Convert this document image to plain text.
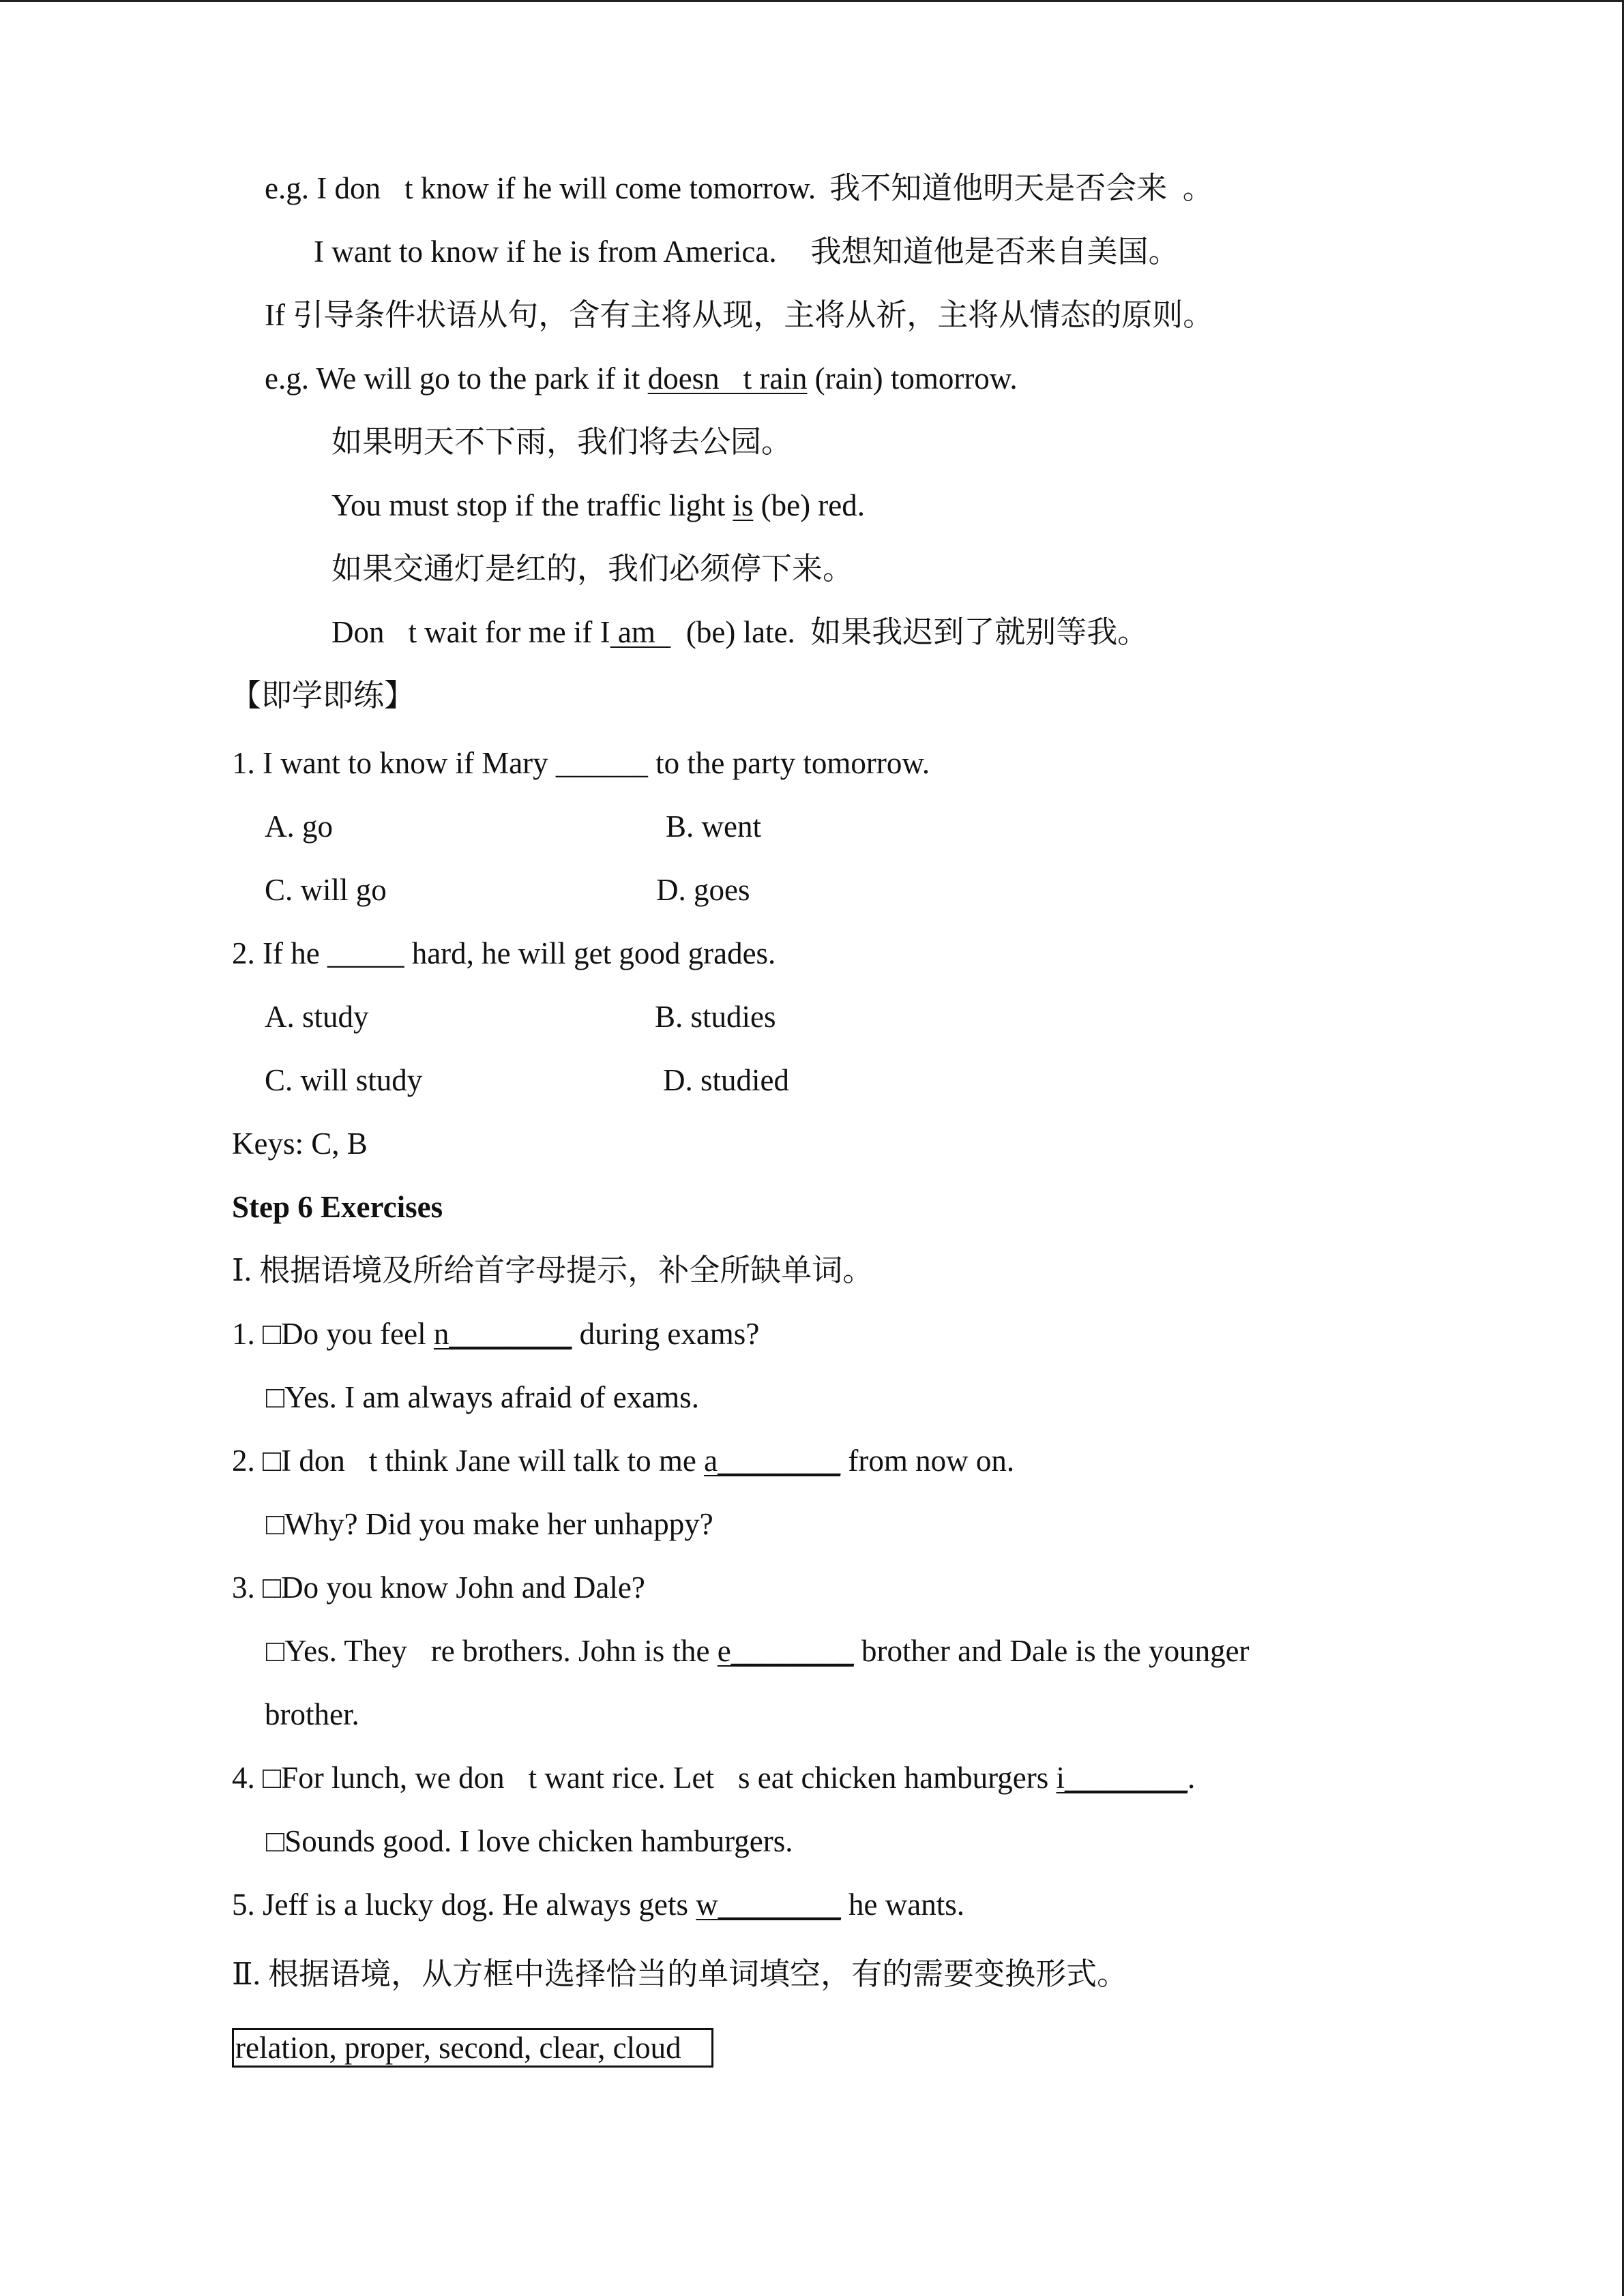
e.g. I don t know if he will come tomorrow. 我不知道他明天是否会来  。
I want to know if he is from America. 我想知道他是否来自美国。
If 引导条件状语从句，含有主将从现，主将从祈，主将从情态的原则。
e.g. We will go to the park if it doesn t rain (rain) tomorrow.
如果明天不下雨，我们将去公园。
You must stop if the traffic light is (be) red.
如果交通灯是红的，我们必须停下来。
Don t wait for me if I am    (be) late.  如果我迟到了就别等我。
【即学即练】
1. I want to know if Mary ______ to the party tomorrow.
A. go	B. went
C. will go	D. goes
2. If he _____ hard, he will get good grades.
A. study	B. studies
C. will study	D. studied
Keys: C, B
Step 6 Exercises
Ⅰ. 根据语境及所给首字母提示，补全所缺单词。
1. □Do you feel n________ during exams?
□Yes. I am always afraid of exams.
2. □I don t think Jane will talk to me a________ from now on.
□Why? Did you make her unhappy?
3. □Do you know John and Dale?
□Yes. They re brothers. John is the e________ brother and Dale is the younger
brother.
4. □For lunch, we don t want rice. Let s eat chicken hamburgers i________.
□Sounds good. I love chicken hamburgers.
5. Jeff is a lucky dog. He always gets w________ he wants.
Ⅱ. 根据语境，从方框中选择恰当的单词填空，有的需要变换形式。
relation, proper, second, clear, cloud
